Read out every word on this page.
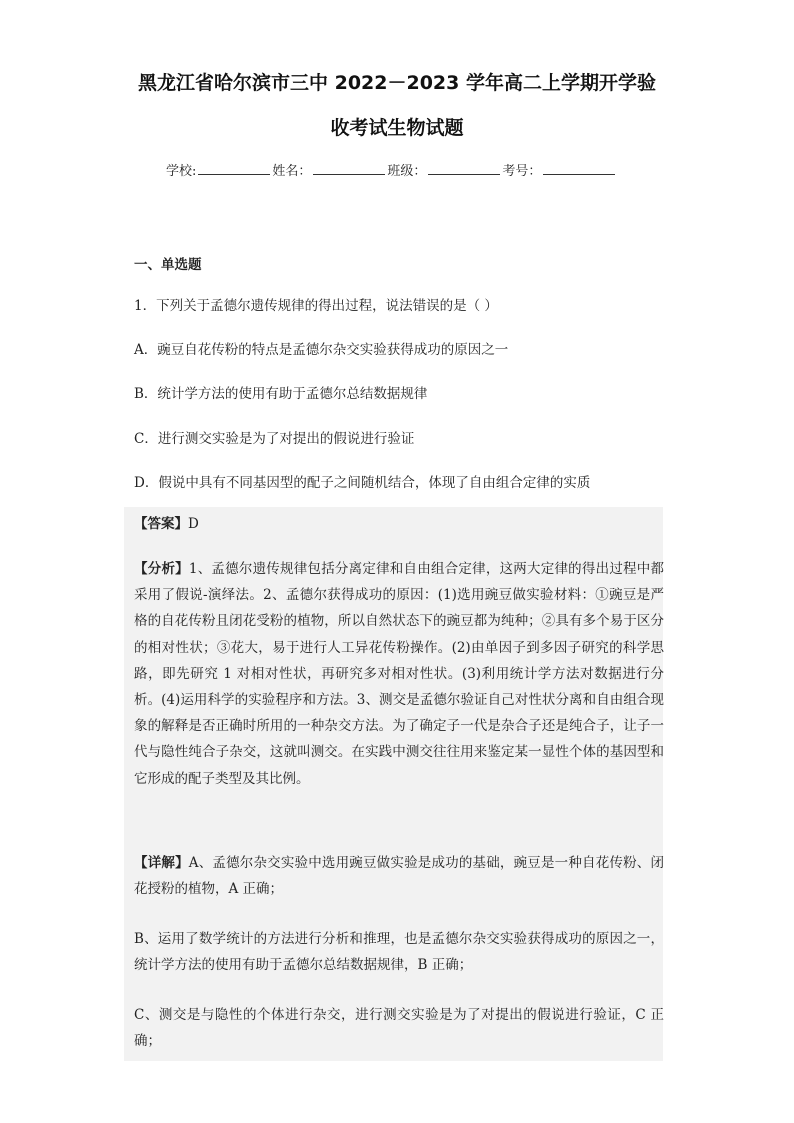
黑龙江省哈尔滨市三中 2022－2023 学年高二上学期开学验
收考试生物试题
学校:	姓名：	班级：	考号：
一、单选题
1．下列关于孟德尔遗传规律的得出过程，说法错误的是（ ）
A．豌豆自花传粉的特点是孟德尔杂交实验获得成功的原因之一
B．统计学方法的使用有助于孟德尔总结数据规律
C．进行测交实验是为了对提出的假说进行验证
D．假说中具有不同基因型的配子之间随机结合，体现了自由组合定律的实质
【答案】D
【分析】1、孟德尔遗传规律包括分离定律和自由组合定律，这两大定律的得出过程中都采用了假说-演绎法。2、孟德尔获得成功的原因：(1)选用豌豆做实验材料：①豌豆是严格的自花传粉且闭花受粉的植物，所以自然状态下的豌豆都为纯种；②具有多个易于区分的相对性状；③花大，易于进行人工异花传粉操作。(2)由单因子到多因子研究的科学思路，即先研究 1 对相对性状，再研究多对相对性状。(3)利用统计学方法对数据进行分析。(4)运用科学的实验程序和方法。3、测交是孟德尔验证自己对性状分离和自由组合现象的解释是否正确时所用的一种杂交方法。为了确定子一代是杂合子还是纯合子，让子一代与隐性纯合子杂交，这就叫测交。在实践中测交往往用来鉴定某一显性个体的基因型和它形成的配子类型及其比例。
【详解】A、孟德尔杂交实验中选用豌豆做实验是成功的基础，豌豆是一种自花传粉、闭花授粉的植物，A 正确；
B、运用了数学统计的方法进行分析和推理，也是孟德尔杂交实验获得成功的原因之一，统计学方法的使用有助于孟德尔总结数据规律，B 正确；
C、测交是与隐性的个体进行杂交，进行测交实验是为了对提出的假说进行验证，C 正确；
